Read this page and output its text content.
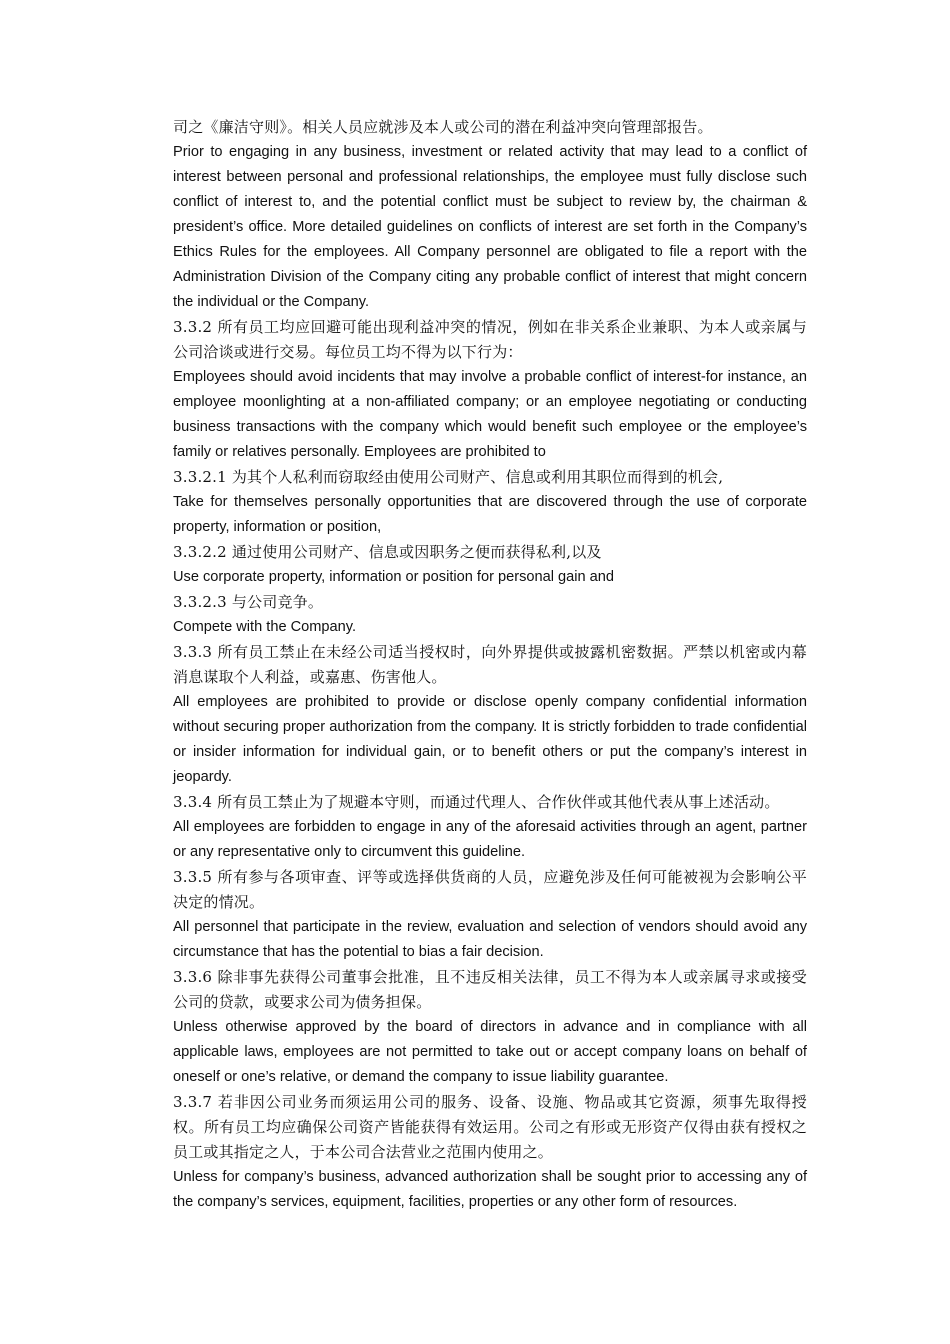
司之《廉洁守则》。相关人员应就涉及本人或公司的潜在利益冲突向管理部报告。

Prior to engaging in any business, investment or related activity that may lead to a conflict of interest between personal and professional relationships, the employee must fully disclose such conflict of interest to, and the potential conflict must be subject to review by, the chairman & president’s office. More detailed guidelines on conflicts of interest are set forth in the Company’s Ethics Rules for the employees. All Company personnel are obligated to file a report with the Administration Division of the Company citing any probable conflict of interest that might concern the individual or the Company.

3.3.2 所有员工均应回避可能出现利益冲突的情况，例如在非关系企业兼职、为本人或亲属与公司洽谈或进行交易。每位员工均不得为以下行为：

Employees should avoid incidents that may involve a probable conflict of interest-for instance, an employee moonlighting at a non-affiliated company; or an employee negotiating or conducting business transactions with the company which would benefit such employee or the employee’s family or relatives personally. Employees are prohibited to

3.3.2.1 为其个人私利而窃取经由使用公司财产、信息或利用其职位而得到的机会,

Take for themselves personally opportunities that are discovered through the use of corporate property, information or position,

3.3.2.2 通过使用公司财产、信息或因职务之便而获得私利,以及

Use corporate property, information or position for personal gain and

3.3.2.3 与公司竞争。

Compete with the Company.

3.3.3 所有员工禁止在未经公司适当授权时，向外界提供或披露机密数据。严禁以机密或内幕消息谋取个人利益，或嘉惠、伤害他人。

All employees are prohibited to provide or disclose openly company confidential information without securing proper authorization from the company. It is strictly forbidden to trade confidential or insider information for individual gain, or to benefit others or put the company’s interest in jeopardy.

3.3.4 所有员工禁止为了规避本守则，而通过代理人、合作伙伴或其他代表从事上述活动。

All employees are forbidden to engage in any of the aforesaid activities through an agent, partner or any representative only to circumvent this guideline.

3.3.5 所有参与各项审查、评等或选择供货商的人员，应避免涉及任何可能被视为会影响公平决定的情况。

All personnel that participate in the review, evaluation and selection of vendors should avoid any circumstance that has the potential to bias a fair decision.

3.3.6 除非事先获得公司董事会批准，且不违反相关法律，员工不得为本人或亲属寻求或接受公司的贷款，或要求公司为债务担保。

Unless otherwise approved by the board of directors in advance and in compliance with all applicable laws, employees are not permitted to take out or accept company loans on behalf of oneself or one’s relative, or demand the company to issue liability guarantee.

3.3.7 若非因公司业务而须运用公司的服务、设备、设施、物品或其它资源，须事先取得授权。所有员工均应确保公司资产皆能获得有效运用。公司之有形或无形资产仅得由获有授权之员工或其指定之人，于本公司合法营业之范围内使用之。

Unless for company’s business, advanced authorization shall be sought prior to accessing any of the company’s services, equipment, facilities, properties or any other form of resources.
